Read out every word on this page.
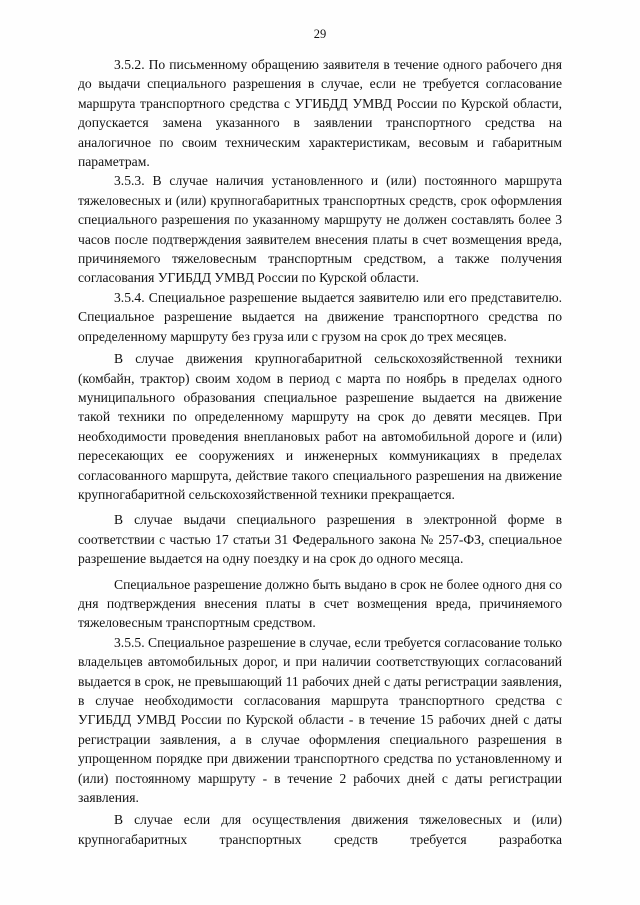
29

3.5.2. По письменному обращению заявителя в течение одного рабочего дня до выдачи специального разрешения в случае, если не требуется согласование маршрута транспортного средства с УГИБДД УМВД России по Курской области, допускается замена указанного в заявлении транспортного средства на аналогичное по своим техническим характеристикам, весовым и габаритным параметрам.

3.5.3. В случае наличия установленного и (или) постоянного маршрута тяжеловесных и (или) крупногабаритных транспортных средств, срок оформления специального разрешения по указанному маршруту не должен составлять более 3 часов после подтверждения заявителем внесения платы в счет возмещения вреда, причиняемого тяжеловесным транспортным средством, а также получения согласования УГИБДД УМВД России по Курской области.

3.5.4. Специальное разрешение выдается заявителю или его представителю. Специальное разрешение выдается на движение транспортного средства по определенному маршруту без груза или с грузом на срок до трех месяцев.

В случае движения крупногабаритной сельскохозяйственной техники (комбайн, трактор) своим ходом в период с марта по ноябрь в пределах одного муниципального образования специальное разрешение выдается на движение такой техники по определенному маршруту на срок до девяти месяцев. При необходимости проведения внеплановых работ на автомобильной дороге и (или) пересекающих ее сооружениях и инженерных коммуникациях в пределах согласованного маршрута, действие такого специального разрешения на движение крупногабаритной сельскохозяйственной техники прекращается.

В случае выдачи специального разрешения в электронной форме в соответствии с частью 17 статьи 31 Федерального закона № 257-ФЗ, специальное разрешение выдается на одну поездку и на срок до одного месяца.

Специальное разрешение должно быть выдано в срок не более одного дня со дня подтверждения внесения платы в счет возмещения вреда, причиняемого тяжеловесным транспортным средством.

3.5.5. Специальное разрешение в случае, если требуется согласование только владельцев автомобильных дорог, и при наличии соответствующих согласований выдается в срок, не превышающий 11 рабочих дней с даты регистрации заявления, в случае необходимости согласования маршрута транспортного средства с УГИБДД УМВД России по Курской области - в течение 15 рабочих дней с даты регистрации заявления, а в случае оформления специального разрешения в упрощенном порядке при движении транспортного средства по установленному и (или) постоянному маршруту - в течение 2 рабочих дней с даты регистрации заявления.

В случае если для осуществления движения тяжеловесных и (или) крупногабаритных транспортных средств требуется разработка
